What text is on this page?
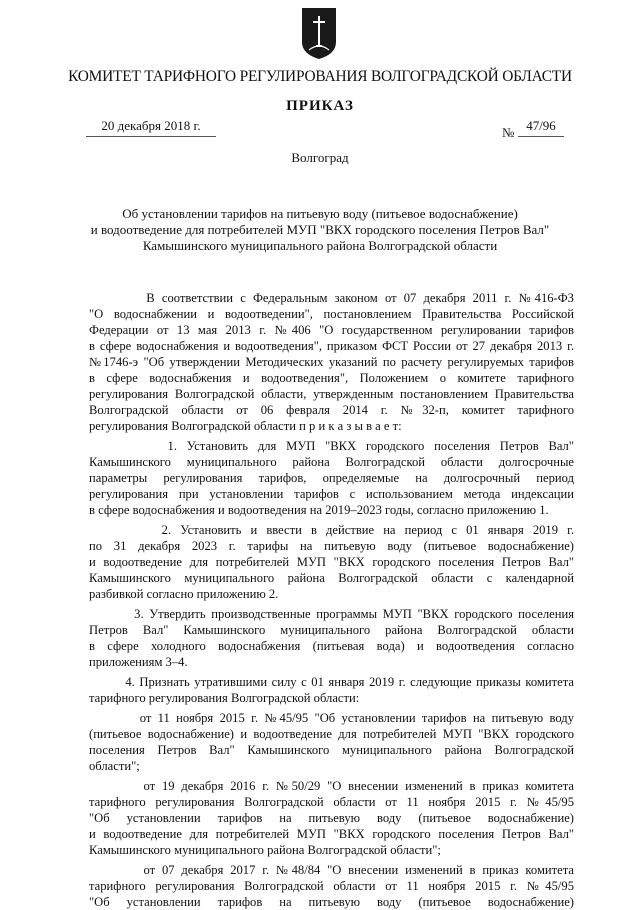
КОМИТЕТ ТАРИФНОГО РЕГУЛИРОВАНИЯ ВОЛГОГРАДСКОЙ ОБЛАСТИ
ПРИКАЗ
20 декабря 2018 г.	№ 47/96
Волгоград
Об установлении тарифов на питьевую воду (питьевое водоснабжение)
и водоотведение для потребителей МУП "ВКХ городского поселения Петров Вал"
Камышинского муниципального района Волгоградской области
В соответствии с Федеральным законом от 07 декабря 2011 г. №416-ФЗ
"О водоснабжении и водоотведении", постановлением Правительства Российской
Федерации от 13 мая 2013 г. №406 "О государственном регулировании тарифов
в сфере водоснабжения и водоотведения", приказом ФСТ России от 27 декабря 2013 г.
№1746-э "Об утверждении Методических указаний по расчету регулируемых тарифов
в сфере водоснабжения и водоотведения", Положением о комитете тарифного
регулирования Волгоградской области, утвержденным постановлением Правительства
Волгоградской области от 06 февраля 2014 г. №32-п, комитет тарифного
регулирования Волгоградской области п р и к а з ы в а е т:
1. Установить для МУП "ВКХ городского поселения Петров Вал"
Камышинского муниципального района Волгоградской области долгосрочные
параметры регулирования тарифов, определяемые на долгосрочный период
регулирования при установлении тарифов с использованием метода индексации
в сфере водоснабжения и водоотведения на 2019–2023 годы, согласно приложению 1.
2. Установить и ввести в действие на период с 01 января 2019 г.
по 31 декабря 2023 г. тарифы на питьевую воду (питьевое водоснабжение)
и водоотведение для потребителей МУП "ВКХ городского поселения Петров Вал"
Камышинского муниципального района Волгоградской области с календарной
разбивкой согласно приложению 2.
3. Утвердить производственные программы МУП "ВКХ городского поселения
Петров Вал" Камышинского муниципального района Волгоградской области
в сфере холодного водоснабжения (питьевая вода) и водоотведения согласно
приложениям 3–4.
4. Признать утратившими силу с 01 января 2019 г. следующие приказы комитета
тарифного регулирования Волгоградской области:
от 11 ноября 2015 г. №45/95 "Об установлении тарифов на питьевую воду
(питьевое водоснабжение) и водоотведение для потребителей МУП "ВКХ городского
поселения Петров Вал" Камышинского муниципального района Волгоградской
области";
от 19 декабря 2016 г. №50/29 "О внесении изменений в приказ комитета
тарифного регулирования Волгоградской области от 11 ноября 2015 г. №45/95
"Об установлении тарифов на питьевую воду (питьевое водоснабжение)
и водоотведение для потребителей МУП "ВКХ городского поселения Петров Вал"
Камышинского муниципального района Волгоградской области";
от 07 декабря 2017 г. №48/84 "О внесении изменений в приказ комитета
тарифного регулирования Волгоградской области от 11 ноября 2015 г. №45/95
"Об установлении тарифов на питьевую воду (питьевое водоснабжение)
